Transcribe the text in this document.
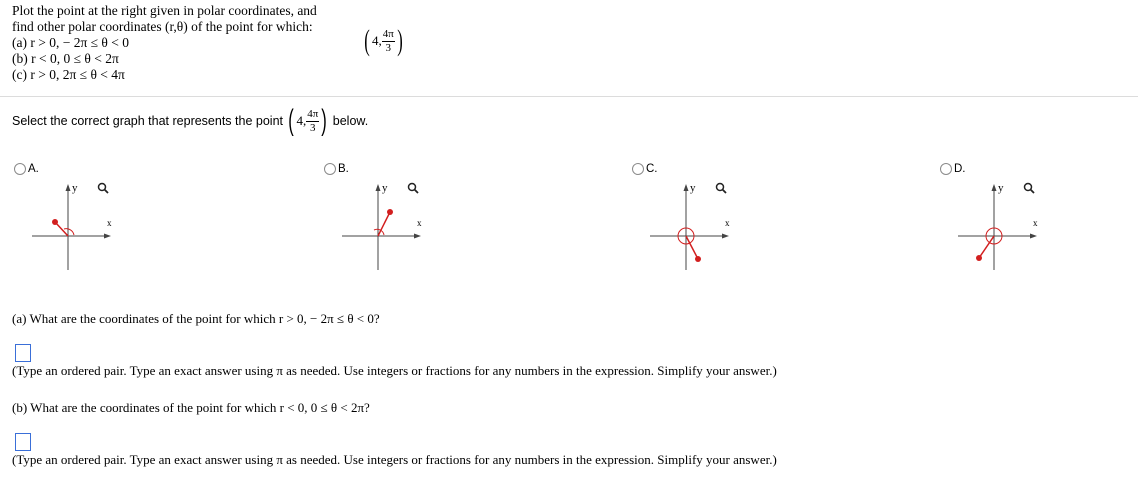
Plot the point at the right given in polar coordinates, and
find other polar coordinates (r,θ) of the point for which:
(a) r > 0, − 2π ≤ θ < 0
(b) r < 0, 0 ≤ θ < 2π
(c) r > 0, 2π ≤ θ < 4π
( 4, $\frac{4\pi}{3}$ )
Select the correct graph that represents the point ( 4, $\frac{4\pi}{3}$ ) below.
A.	B.	C.	D.
y
x
y
x
y
x
y
x
(a) What are the coordinates of the point for which r > 0, − 2π ≤ θ < 0?
(Type an ordered pair. Type an exact answer using π as needed. Use integers or fractions for any numbers in the expression. Simplify your answer.)
(b) What are the coordinates of the point for which r < 0, 0 ≤ θ < 2π?
(Type an ordered pair. Type an exact answer using π as needed. Use integers or fractions for any numbers in the expression. Simplify your answer.)
